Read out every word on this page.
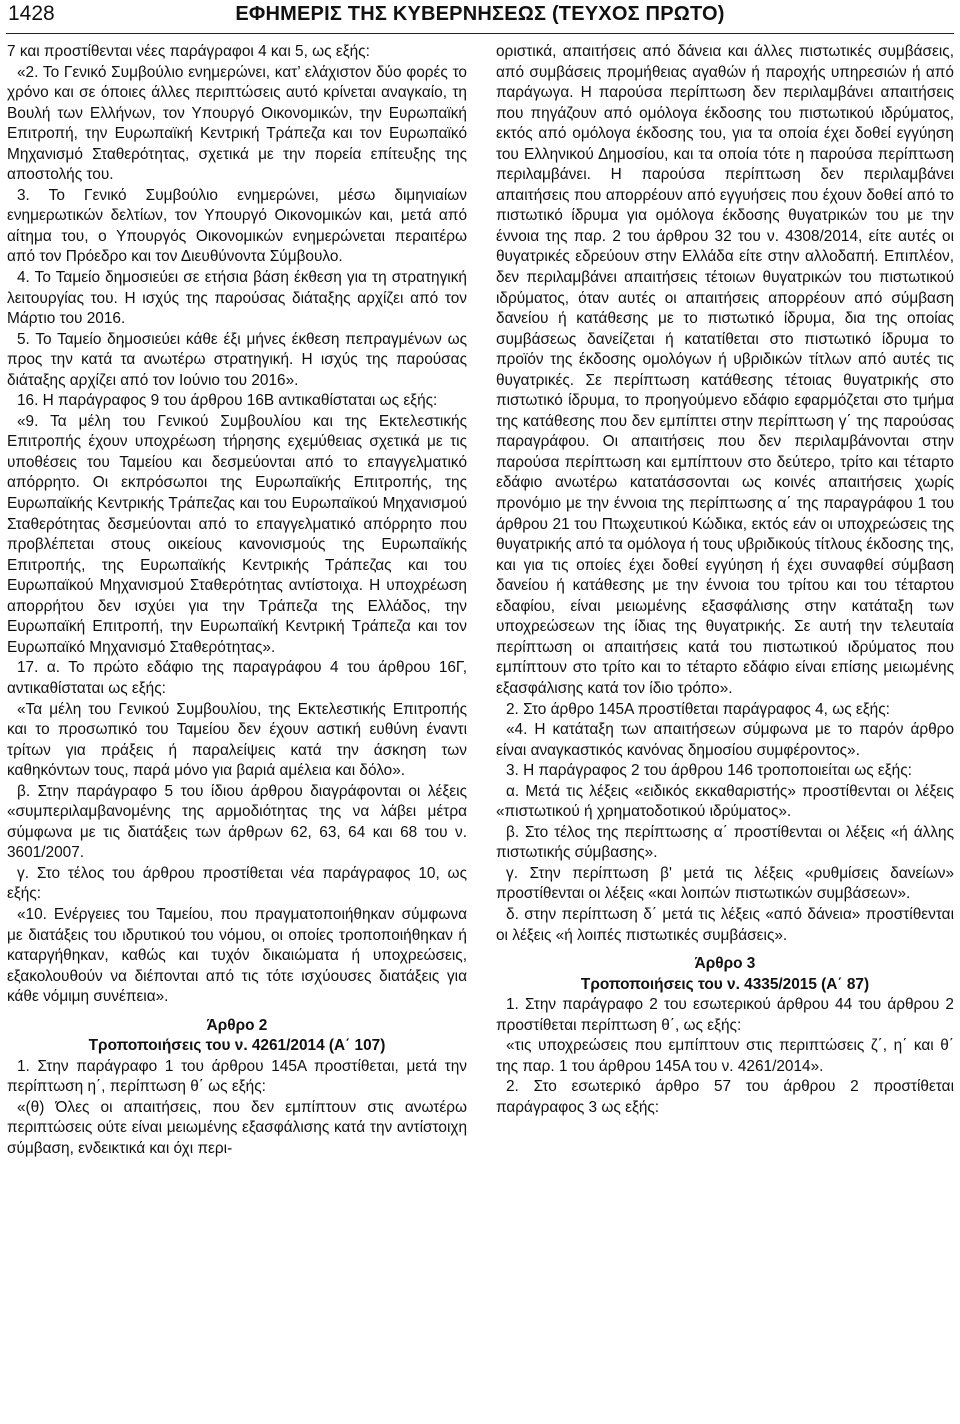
1428	ΕΦΗΜΕΡΙΣ ΤΗΣ ΚΥΒΕΡΝΗΣΕΩΣ (ΤΕΥΧΟΣ ΠΡΩΤΟ)

7 και προστίθενται νέες παράγραφοι 4 και 5, ως εξής:

«2. Το Γενικό Συμβούλιο ενημερώνει, κατ’ ελάχιστον δύο φορές το χρόνο και σε όποιες άλλες περιπτώσεις αυτό κρίνεται αναγκαίο, τη Βουλή των Ελλήνων, τον Υπουργό Οικονομικών, την Ευρωπαϊκή Επιτροπή, την Ευρωπαϊκή Κεντρική Τράπεζα και τον Ευρωπαϊκό Μηχανισμό Σταθερότητας, σχετικά με την πορεία επίτευξης της αποστολής του.

3. Το Γενικό Συμβούλιο ενημερώνει, μέσω διμηνιαίων ενημερωτικών δελτίων, τον Υπουργό Οικονομικών και, μετά από αίτημα του, ο Υπουργός Οικονομικών ενημερώνεται περαιτέρω από τον Πρόεδρο και τον Διευθύνοντα Σύμβουλο.

4. Το Ταμείο δημοσιεύει σε ετήσια βάση έκθεση για τη στρατηγική λειτουργίας του. Η ισχύς της παρούσας διάταξης αρχίζει από τον Μάρτιο του 2016.

5. Το Ταμείο δημοσιεύει κάθε έξι μήνες έκθεση πεπραγμένων ως προς την κατά τα ανωτέρω στρατηγική. Η ισχύς της παρούσας διάταξης αρχίζει από τον Ιούνιο του 2016».

16. Η παράγραφος 9 του άρθρου 16Β αντικαθίσταται ως εξής:

«9. Τα μέλη του Γενικού Συμβουλίου και της Εκτελεστικής Επιτροπής έχουν υποχρέωση τήρησης εχεμύθειας σχετικά με τις υποθέσεις του Ταμείου και δεσμεύονται από το επαγγελματικό απόρρητο. Οι εκπρόσωποι της Ευρωπαϊκής Επιτροπής, της Ευρωπαϊκής Κεντρικής Τράπεζας και του Ευρωπαϊκού Μηχανισμού Σταθερότητας δεσμεύονται από το επαγγελματικό απόρρητο που προβλέπεται στους οικείους κανονισμούς της Ευρωπαϊκής Επιτροπής, της Ευρωπαϊκής Κεντρικής Τράπεζας και του Ευρωπαϊκού Μηχανισμού Σταθερότητας αντίστοιχα. Η υποχρέωση απορρήτου δεν ισχύει για την Τράπεζα της Ελλάδος, την Ευρωπαϊκή Επιτροπή, την Ευρωπαϊκή Κεντρική Τράπεζα και τον Ευρωπαϊκό Μηχανισμό Σταθερότητας».

17. α. Το πρώτο εδάφιο της παραγράφου 4 του άρθρου 16Γ, αντικαθίσταται ως εξής:

«Τα μέλη του Γενικού Συμβουλίου, της Εκτελεστικής Επιτροπής και το προσωπικό του Ταμείου δεν έχουν αστική ευθύνη έναντι τρίτων για πράξεις ή παραλείψεις κατά την άσκηση των καθηκόντων τους, παρά μόνο για βαριά αμέλεια και δόλο».

β. Στην παράγραφο 5 του ίδιου άρθρου διαγράφονται οι λέξεις «συμπεριλαμβανομένης της αρμοδιότητας της να λάβει μέτρα σύμφωνα με τις διατάξεις των άρθρων 62, 63, 64 και 68 του ν. 3601/2007.

γ. Στο τέλος του άρθρου προστίθεται νέα παράγραφος 10, ως εξής:

«10. Ενέργειες του Ταμείου, που πραγματοποιήθηκαν σύμφωνα με διατάξεις του ιδρυτικού του νόμου, οι οποίες τροποποιήθηκαν ή καταργήθηκαν, καθώς και τυχόν δικαιώματα ή υποχρεώσεις, εξακολουθούν να διέπονται από τις τότε ισχύουσες διατάξεις για κάθε νόμιμη συνέπεια».

Άρθρο 2
Τροποποιήσεις του ν. 4261/2014 (Α΄ 107)

1. Στην παράγραφο 1 του άρθρου 145Α προστίθεται, μετά την περίπτωση η΄, περίπτωση θ΄ ως εξής:

«(θ) Όλες οι απαιτήσεις, που δεν εμπίπτουν στις ανωτέρω περιπτώσεις ούτε είναι μειωμένης εξασφάλισης κατά την αντίστοιχη σύμβαση, ενδεικτικά και όχι περι-

οριστικά, απαιτήσεις από δάνεια και άλλες πιστωτικές συμβάσεις, από συμβάσεις προμήθειας αγαθών ή παροχής υπηρεσιών ή από παράγωγα. Η παρούσα περίπτωση δεν περιλαμβάνει απαιτήσεις που πηγάζουν από ομόλογα έκδοσης του πιστωτικού ιδρύματος, εκτός από ομόλογα έκδοσης του, για τα οποία έχει δοθεί εγγύηση του Ελληνικού Δημοσίου, και τα οποία τότε η παρούσα περίπτωση περιλαμβάνει. Η παρούσα περίπτωση δεν περιλαμβάνει απαιτήσεις που απορρέουν από εγγυήσεις που έχουν δοθεί από το πιστωτικό ίδρυμα για ομόλογα έκδοσης θυγατρικών του με την έννοια της παρ. 2 του άρθρου 32 του ν. 4308/2014, είτε αυτές οι θυγατρικές εδρεύουν στην Ελλάδα είτε στην αλλοδαπή. Επιπλέον, δεν περιλαμβάνει απαιτήσεις τέτοιων θυγατρικών του πιστωτικού ιδρύματος, όταν αυτές οι απαιτήσεις απορρέουν από σύμβαση δανείου ή κατάθεσης με το πιστωτικό ίδρυμα, δια της οποίας συμβάσεως δανείζεται ή κατατίθεται στο πιστωτικό ίδρυμα το προϊόν της έκδοσης ομολόγων ή υβριδικών τίτλων από αυτές τις θυγατρικές. Σε περίπτωση κατάθεσης τέτοιας θυγατρικής στο πιστωτικό ίδρυμα, το προηγούμενο εδάφιο εφαρμόζεται στο τμήμα της κατάθεσης που δεν εμπίπτει στην περίπτωση γ΄ της παρούσας παραγράφου. Οι απαιτήσεις που δεν περιλαμβάνονται στην παρούσα περίπτωση και εμπίπτουν στο δεύτερο, τρίτο και τέταρτο εδάφιο ανωτέρω κατατάσσονται ως κοινές απαιτήσεις χωρίς προνόμιο με την έννοια της περίπτωσης α΄ της παραγράφου 1 του άρθρου 21 του Πτωχευτικού Κώδικα, εκτός εάν οι υποχρεώσεις της θυγατρικής από τα ομόλογα ή τους υβριδικούς τίτλους έκδοσης της, και για τις οποίες έχει δοθεί εγγύηση ή έχει συναφθεί σύμβαση δανείου ή κατάθεσης με την έννοια του τρίτου και του τέταρτου εδαφίου, είναι μειωμένης εξασφάλισης στην κατάταξη των υποχρεώσεων της ίδιας της θυγατρικής. Σε αυτή την τελευταία περίπτωση οι απαιτήσεις κατά του πιστωτικού ιδρύματος που εμπίπτουν στο τρίτο και το τέταρτο εδάφιο είναι επίσης μειωμένης εξασφάλισης κατά τον ίδιο τρόπο».

2. Στο άρθρο 145Α προστίθεται παράγραφος 4, ως εξής:

«4. Η κατάταξη των απαιτήσεων σύμφωνα με το παρόν άρθρο είναι αναγκαστικός κανόνας δημοσίου συμφέροντος».

3. Η παράγραφος 2 του άρθρου 146 τροποποιείται ως εξής:

α. Μετά τις λέξεις «ειδικός εκκαθαριστής» προστίθενται οι λέξεις «πιστωτικού ή χρηματοδοτικού ιδρύματος».

β. Στο τέλος της περίπτωσης α΄ προστίθενται οι λέξεις «ή άλλης πιστωτικής σύμβασης».

γ. Στην περίπτωση β' μετά τις λέξεις «ρυθμίσεις δανείων» προστίθενται οι λέξεις «και λοιπών πιστωτικών συμβάσεων».

δ. στην περίπτωση δ΄ μετά τις λέξεις «από δάνεια» προστίθενται οι λέξεις «ή λοιπές πιστωτικές συμβάσεις».

Άρθρο 3
Τροποποιήσεις του ν. 4335/2015 (Α΄ 87)

1. Στην παράγραφο 2 του εσωτερικού άρθρου 44 του άρθρου 2 προστίθεται περίπτωση θ΄, ως εξής:

«τις υποχρεώσεις που εμπίπτουν στις περιπτώσεις ζ΄, η΄ και θ΄ της παρ. 1 του άρθρου 145Α του ν. 4261/2014».

2. Στο εσωτερικό άρθρο 57 του άρθρου 2 προστίθεται παράγραφος 3 ως εξής:
